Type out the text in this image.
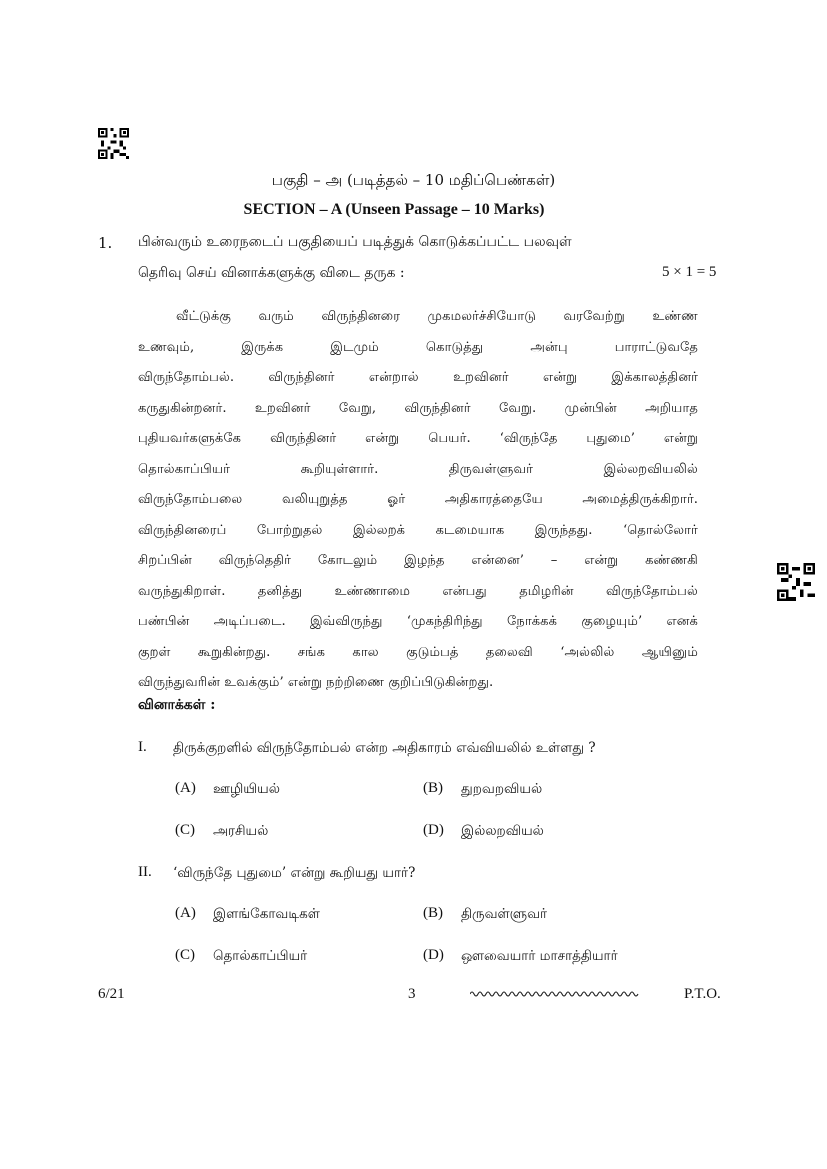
பகுதி – அ (படித்தல் – 10 மதிப்பெண்கள்)
SECTION – A (Unseen Passage – 10 Marks)
1. பின்வரும் உரைநடைப் பகுதியைப் படித்துக் கொடுக்கப்பட்ட பலவுள்
தெரிவு செய் வினாக்களுக்கு விடை தருக :	5 × 1 = 5
வீட்டுக்கு வரும் விருந்தினரை முகமலர்ச்சியோடு வரவேற்று உண்ண
உணவும்,	இருக்க	இடமும்	கொடுத்து	அன்பு	பாராட்டுவதே
விருந்தோம்பல்.	விருந்தினர்	என்றால்	உறவினர்	என்று	இக்காலத்தினர்
கருதுகின்றனர். உறவினர் வேறு, விருந்தினர் வேறு. முன்பின் அறியாத
புதியவர்களுக்கே விருந்தினர் என்று பெயர். ‘விருந்தே புதுமை’ என்று
தொல்காப்பியர்	கூறியுள்ளார்.	திருவள்ளுவர்	இல்லறவியலில்
விருந்தோம்பலை	வலியுறுத்த	ஓர்	அதிகாரத்தையே	அமைத்திருக்கிறார்.
விருந்தினரைப் போற்றுதல் இல்லறக் கடமையாக இருந்தது. ‘தொல்லோர்
சிறப்பின் விருந்தெதிர் கோடலும் இழந்த என்னை’ – என்று கண்ணகி
வருந்துகிறாள். தனித்து உண்ணாமை என்பது தமிழரின் விருந்தோம்பல்
பண்பின் அடிப்படை. இவ்விருந்து ‘முகந்திரிந்து நோக்கக் குழையும்’ எனக்
குறள் கூறுகின்றது. சங்க கால குடும்பத் தலைவி ‘அல்லில் ஆயினும்
விருந்துவரின் உவக்கும்’ என்று நற்றிணை குறிப்பிடுகின்றது.
வினாக்கள் :
I. திருக்குறளில் விருந்தோம்பல் என்ற அதிகாரம் எவ்வியலில் உள்ளது ?
(A) ஊழியியல்	(B) துறவறவியல்
(C) அரசியல்	(D) இல்லறவியல்
II. ‘விருந்தே புதுமை’ என்று கூறியது யார்?
(A) இளங்கோவடிகள்	(B) திருவள்ளுவர்
(C) தொல்காப்பியர்	(D) ஔவையார் மாசாத்தியார்
6/21	3	P.T.O.
